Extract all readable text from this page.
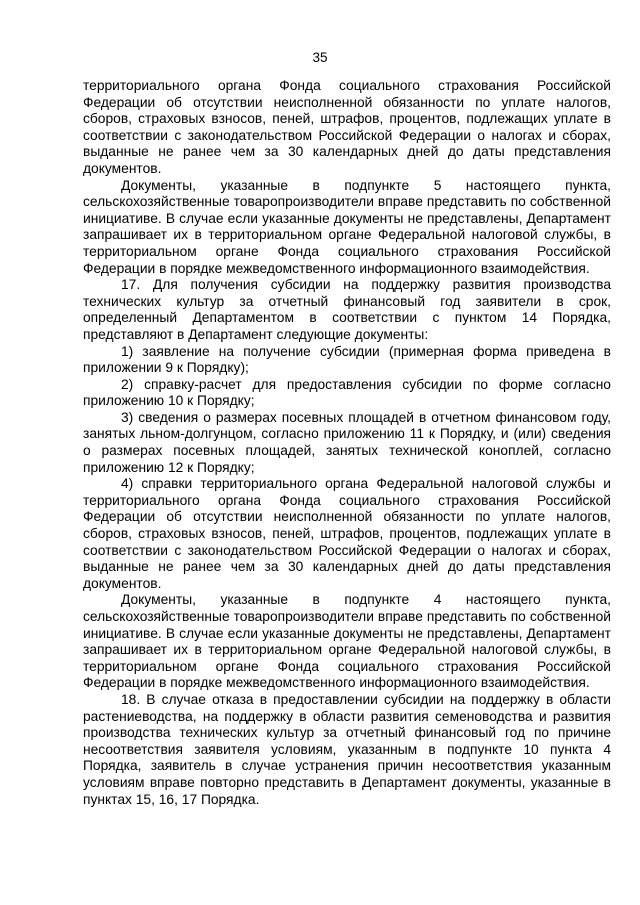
35

территориального органа Фонда социального страхования Российской Федерации об отсутствии неисполненной обязанности по уплате налогов, сборов, страховых взносов, пеней, штрафов, процентов, подлежащих уплате в соответствии с законодательством Российской Федерации о налогах и сборах, выданные не ранее чем за 30 календарных дней до даты представления документов.

Документы, указанные в подпункте 5 настоящего пункта, сельскохозяйственные товаропроизводители вправе представить по собственной инициативе. В случае если указанные документы не представлены, Департамент запрашивает их в территориальном органе Федеральной налоговой службы, в территориальном органе Фонда социального страхования Российской Федерации в порядке межведомственного информационного взаимодействия.

17. Для получения субсидии на поддержку развития производства технических культур за отчетный финансовый год заявители в срок, определенный Департаментом в соответствии с пунктом 14 Порядка, представляют в Департамент следующие документы:

1) заявление на получение субсидии (примерная форма приведена в приложении 9 к Порядку);

2) справку-расчет для предоставления субсидии по форме согласно приложению 10 к Порядку;

3) сведения о размерах посевных площадей в отчетном финансовом году, занятых льном-долгунцом, согласно приложению 11 к Порядку, и (или) сведения о размерах посевных площадей, занятых технической коноплей, согласно приложению 12 к Порядку;

4) справки территориального органа Федеральной налоговой службы и территориального органа Фонда социального страхования Российской Федерации об отсутствии неисполненной обязанности по уплате налогов, сборов, страховых взносов, пеней, штрафов, процентов, подлежащих уплате в соответствии с законодательством Российской Федерации о налогах и сборах, выданные не ранее чем за 30 календарных дней до даты представления документов.

Документы, указанные в подпункте 4 настоящего пункта, сельскохозяйственные товаропроизводители вправе представить по собственной инициативе. В случае если указанные документы не представлены, Департамент запрашивает их в территориальном органе Федеральной налоговой службы, в территориальном органе Фонда социального страхования Российской Федерации в порядке межведомственного информационного взаимодействия.

18. В случае отказа в предоставлении субсидии на поддержку в области растениеводства, на поддержку в области развития семеноводства и развития производства технических культур за отчетный финансовый год по причине несоответствия заявителя условиям, указанным в подпункте 10 пункта 4 Порядка, заявитель в случае устранения причин несоответствия указанным условиям вправе повторно представить в Департамент документы, указанные в пунктах 15, 16, 17 Порядка.
